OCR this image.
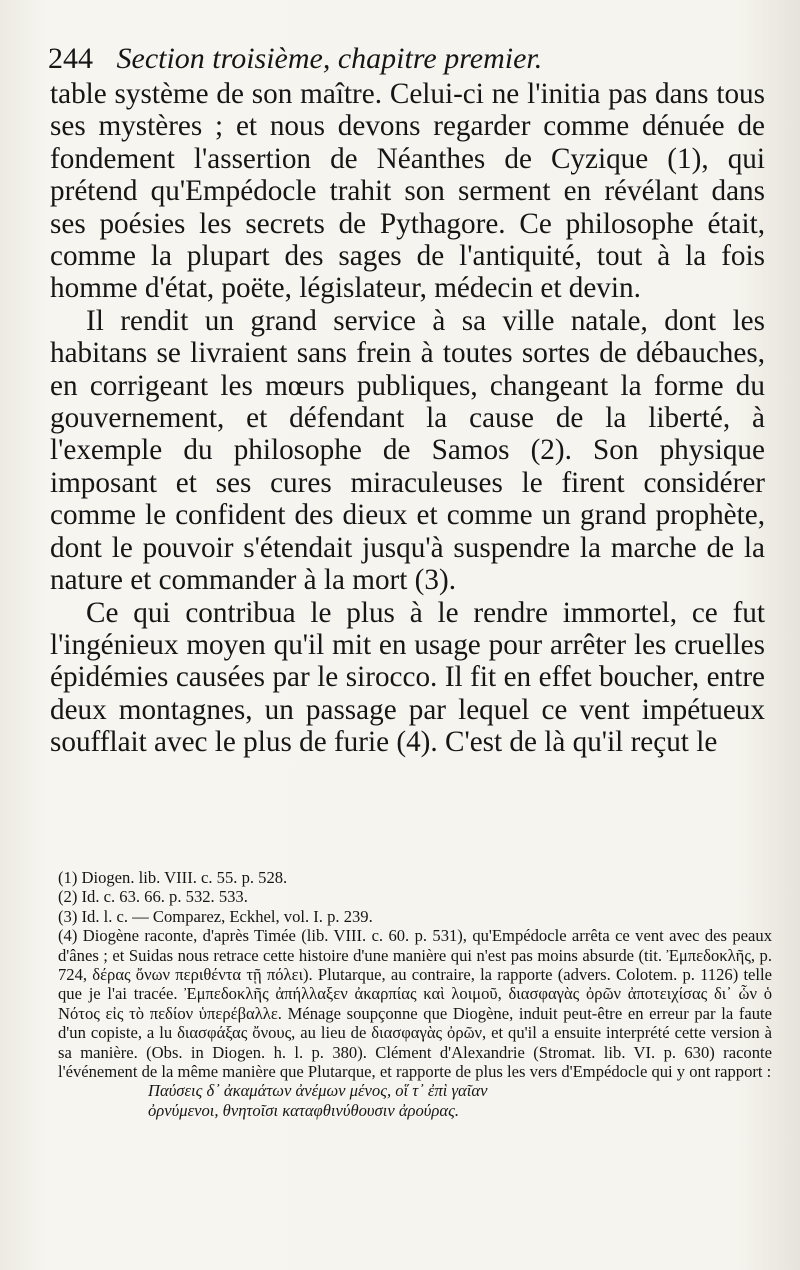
244 Section troisième, chapitre premier.

table système de son maître. Celui-ci ne l'initia pas dans tous ses mystères ; et nous devons regarder comme dénuée de fondement l'assertion de Néanthes de Cyzique (1), qui prétend qu'Empédocle trahit son serment en révélant dans ses poésies les secrets de Pythagore. Ce philosophe était, comme la plupart des sages de l'antiquité, tout à la fois homme d'état, poëte, législateur, médecin et devin.

Il rendit un grand service à sa ville natale, dont les habitans se livraient sans frein à toutes sortes de débauches, en corrigeant les mœurs publiques, changeant la forme du gouvernement, et défendant la cause de la liberté, à l'exemple du philosophe de Samos (2). Son physique imposant et ses cures miraculeuses le firent considérer comme le confident des dieux et comme un grand prophète, dont le pouvoir s'étendait jusqu'à suspendre la marche de la nature et commander à la mort (3).

Ce qui contribua le plus à le rendre immortel, ce fut l'ingénieux moyen qu'il mit en usage pour arrêter les cruelles épidémies causées par le sirocco. Il fit en effet boucher, entre deux montagnes, un passage par lequel ce vent impétueux soufflait avec le plus de furie (4). C'est de là qu'il reçut le

(1) Diogen. lib. VIII. c. 55. p. 528.

(2) Id. c. 63. 66. p. 532. 533.

(3) Id. l. c. — Comparez, Eckhel, vol. I. p. 239.

(4) Diogène raconte, d'après Timée (lib. VIII. c. 60. p. 531), qu'Empédocle arrêta ce vent avec des peaux d'ânes ; et Suidas nous retrace cette histoire d'une manière qui n'est pas moins absurde (tit. Ἐμπεδοκλῆς, p. 724, δέρας ὄνων περιθέντα τῇ πόλει). Plutarque, au contraire, la rapporte (advers. Colotem. p. 1126) telle que je l'ai tracée. Ἐμπεδοκλῆς ἀπήλλαξεν ἀκαρπίας καὶ λοιμοῦ, διασφαγὰς ὀρῶν ἀποτειχίσας δι᾽ ὧν ὁ Νότος εἰς τὸ πεδίον ὑπερέβαλλε. Ménage soupçonne que Diogène, induit peut-être en erreur par la faute d'un copiste, a lu διασφάξας ὄνους, au lieu de διασφαγὰς ὀρῶν, et qu'il a ensuite interprété cette version à sa manière. (Obs. in Diogen. h. l. p. 380). Clément d'Alexandrie (Stromat. lib. VI. p. 630) raconte l'événement de la même manière que Plutarque, et rapporte de plus les vers d'Empédocle qui y ont rapport :

Παύσεις δ᾽ ἀκαμάτων ἀνέμων μένος, οἵ τ᾽ ἐπὶ γαῖαν
ὀρνύμενοι, θνητοῖσι καταφθινύθουσιν ἀρούρας.
